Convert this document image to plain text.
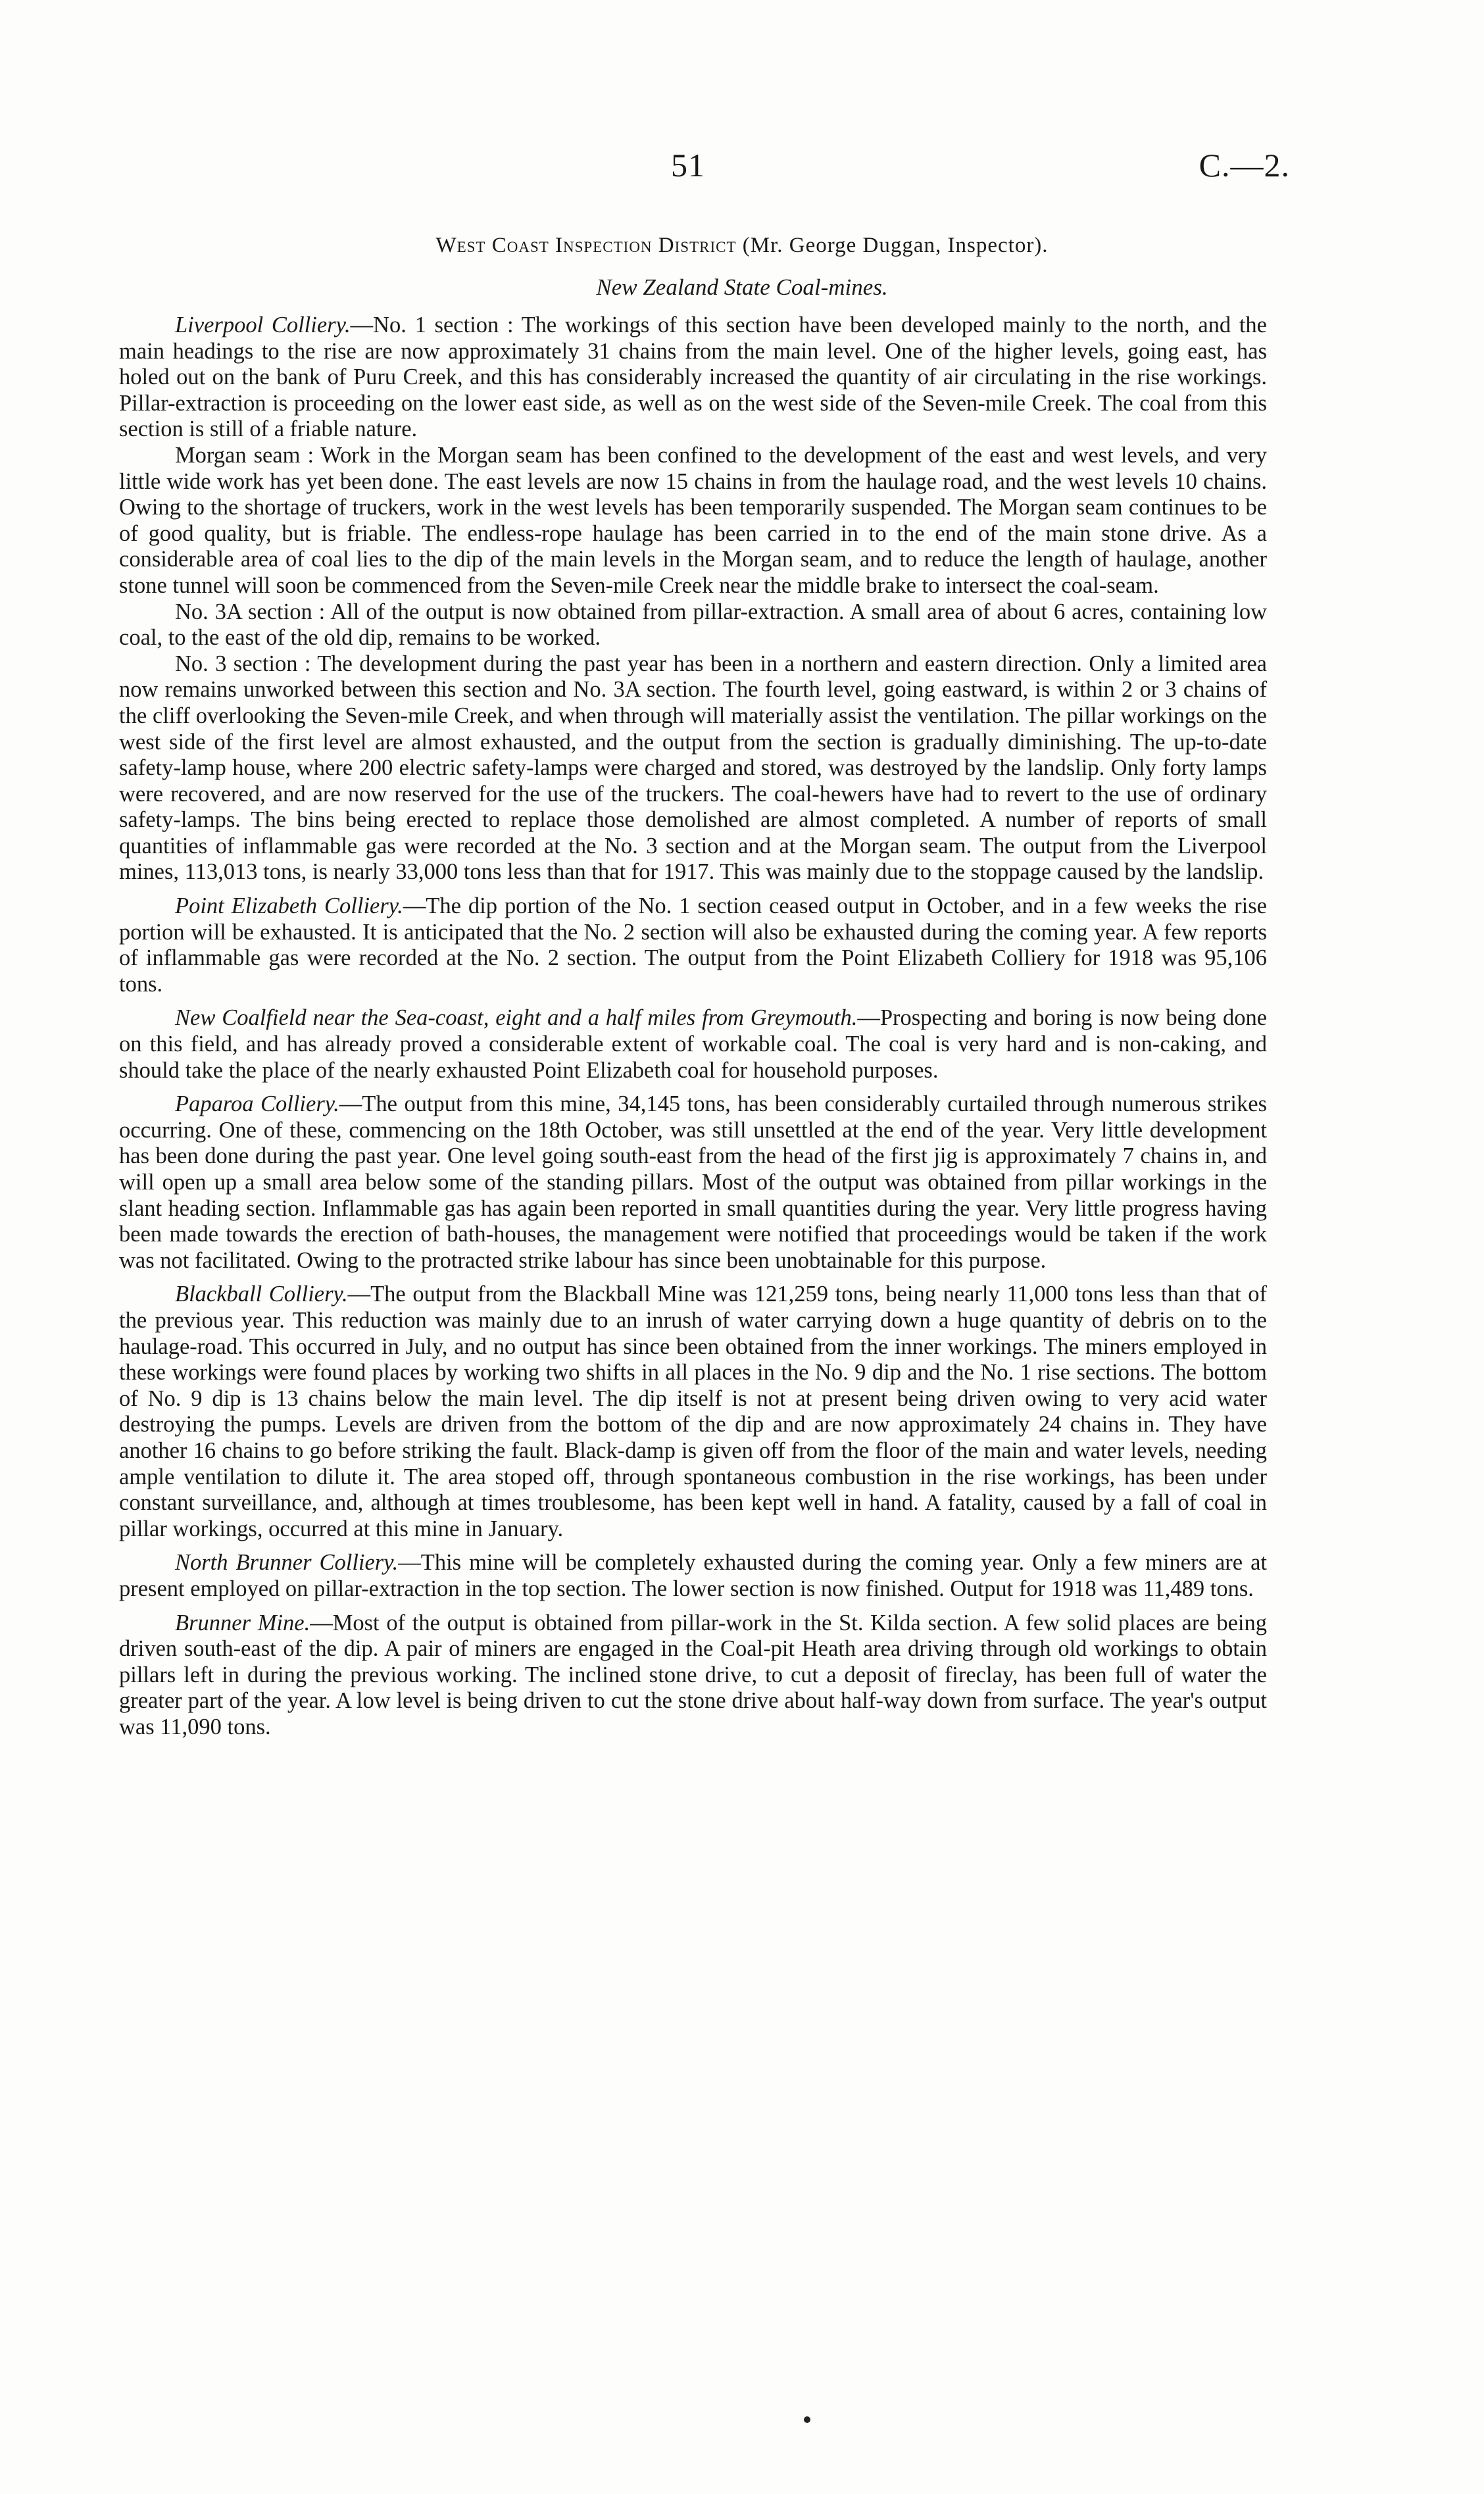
51	C.—2.
West Coast Inspection District (Mr. George Duggan, Inspector).
New Zealand State Coal-mines.

Liverpool Colliery.—No. 1 section : The workings of this section have been developed mainly to the north, and the main headings to the rise are now approximately 31 chains from the main level. One of the higher levels, going east, has holed out on the bank of Puru Creek, and this has considerably increased the quantity of air circulating in the rise workings. Pillar-extraction is proceeding on the lower east side, as well as on the west side of the Seven-mile Creek. The coal from this section is still of a friable nature.

Morgan seam : Work in the Morgan seam has been confined to the development of the east and west levels, and very little wide work has yet been done. The east levels are now 15 chains in from the haulage road, and the west levels 10 chains. Owing to the shortage of truckers, work in the west levels has been temporarily suspended. The Morgan seam continues to be of good quality, but is friable. The endless-rope haulage has been carried in to the end of the main stone drive. As a considerable area of coal lies to the dip of the main levels in the Morgan seam, and to reduce the length of haulage, another stone tunnel will soon be commenced from the Seven-mile Creek near the middle brake to intersect the coal-seam.

No. 3A section : All of the output is now obtained from pillar-extraction. A small area of about 6 acres, containing low coal, to the east of the old dip, remains to be worked.

No. 3 section : The development during the past year has been in a northern and eastern direction. Only a limited area now remains unworked between this section and No. 3A section. The fourth level, going eastward, is within 2 or 3 chains of the cliff overlooking the Seven-mile Creek, and when through will materially assist the ventilation. The pillar workings on the west side of the first level are almost exhausted, and the output from the section is gradually diminishing. The up-to-date safety-lamp house, where 200 electric safety-lamps were charged and stored, was destroyed by the landslip. Only forty lamps were recovered, and are now reserved for the use of the truckers. The coal-hewers have had to revert to the use of ordinary safety-lamps. The bins being erected to replace those demolished are almost completed. A number of reports of small quantities of inflammable gas were recorded at the No. 3 section and at the Morgan seam. The output from the Liverpool mines, 113,013 tons, is nearly 33,000 tons less than that for 1917. This was mainly due to the stoppage caused by the landslip.

Point Elizabeth Colliery.—The dip portion of the No. 1 section ceased output in October, and in a few weeks the rise portion will be exhausted. It is anticipated that the No. 2 section will also be exhausted during the coming year. A few reports of inflammable gas were recorded at the No. 2 section. The output from the Point Elizabeth Colliery for 1918 was 95,106 tons.

New Coalfield near the Sea-coast, eight and a half miles from Greymouth.—Prospecting and boring is now being done on this field, and has already proved a considerable extent of workable coal. The coal is very hard and is non-caking, and should take the place of the nearly exhausted Point Elizabeth coal for household purposes.

Paparoa Colliery.—The output from this mine, 34,145 tons, has been considerably curtailed through numerous strikes occurring. One of these, commencing on the 18th October, was still unsettled at the end of the year. Very little development has been done during the past year. One level going south-east from the head of the first jig is approximately 7 chains in, and will open up a small area below some of the standing pillars. Most of the output was obtained from pillar workings in the slant heading section. Inflammable gas has again been reported in small quantities during the year. Very little progress having been made towards the erection of bath-houses, the management were notified that proceedings would be taken if the work was not facilitated. Owing to the protracted strike labour has since been unobtainable for this purpose.

Blackball Colliery.—The output from the Blackball Mine was 121,259 tons, being nearly 11,000 tons less than that of the previous year. This reduction was mainly due to an inrush of water carrying down a huge quantity of debris on to the haulage-road. This occurred in July, and no output has since been obtained from the inner workings. The miners employed in these workings were found places by working two shifts in all places in the No. 9 dip and the No. 1 rise sections. The bottom of No. 9 dip is 13 chains below the main level. The dip itself is not at present being driven owing to very acid water destroying the pumps. Levels are driven from the bottom of the dip and are now approximately 24 chains in. They have another 16 chains to go before striking the fault. Black-damp is given off from the floor of the main and water levels, needing ample ventilation to dilute it. The area stoped off, through spontaneous combustion in the rise workings, has been under constant surveillance, and, although at times troublesome, has been kept well in hand. A fatality, caused by a fall of coal in pillar workings, occurred at this mine in January.

North Brunner Colliery.—This mine will be completely exhausted during the coming year. Only a few miners are at present employed on pillar-extraction in the top section. The lower section is now finished. Output for 1918 was 11,489 tons.

Brunner Mine.—Most of the output is obtained from pillar-work in the St. Kilda section. A few solid places are being driven south-east of the dip. A pair of miners are engaged in the Coal-pit Heath area driving through old workings to obtain pillars left in during the previous working. The inclined stone drive, to cut a deposit of fireclay, has been full of water the greater part of the year. A low level is being driven to cut the stone drive about half-way down from surface. The year's output was 11,090 tons.
